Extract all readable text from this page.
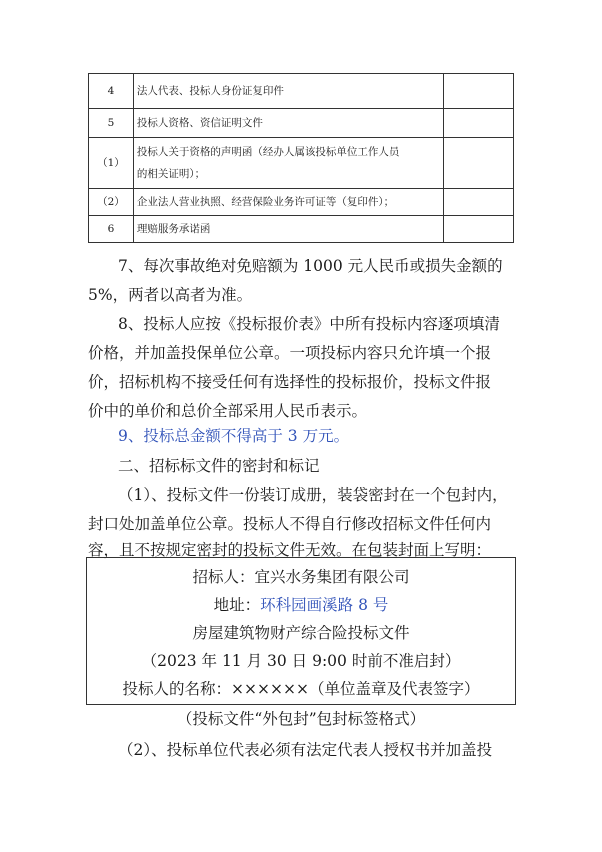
4	法人代表、投标人身份证复印件	
5	投标人资格、资信证明文件	
（1）	投标人关于资格的声明函（经办人属该投标单位工作人员
的相关证明）；	

（2）	企业法人营业执照、经营保险业务许可证等（复印件）；	
6	理赔服务承诺函	
7、每次事故绝对免赔额为 1000 元人民币或损失金额的
5%，两者以高者为准。
8、投标人应按《投标报价表》中所有投标内容逐项填清
价格，并加盖投保单位公章。一项投标内容只允许填一个报
价，招标机构不接受任何有选择性的投标报价，投标文件报
价中的单价和总价全部采用人民币表示。
9、投标总金额不得高于 3 万元。
二、招标标文件的密封和标记
（1）、投标文件一份装订成册，装袋密封在一个包封内，
封口处加盖单位公章。投标人不得自行修改招标文件任何内
容，且不按规定密封的投标文件无效。在包装封面上写明：
招标人：宜兴水务集团有限公司
地址：环科园画溪路 8 号
房屋建筑物财产综合险投标文件
（2023 年 11 月 30 日 9:00 时前不准启封）
投标人的名称：××××××（单位盖章及代表签字）
（投标文件“外包封”包封标签格式）
（2）、投标单位代表必须有法定代表人授权书并加盖投
